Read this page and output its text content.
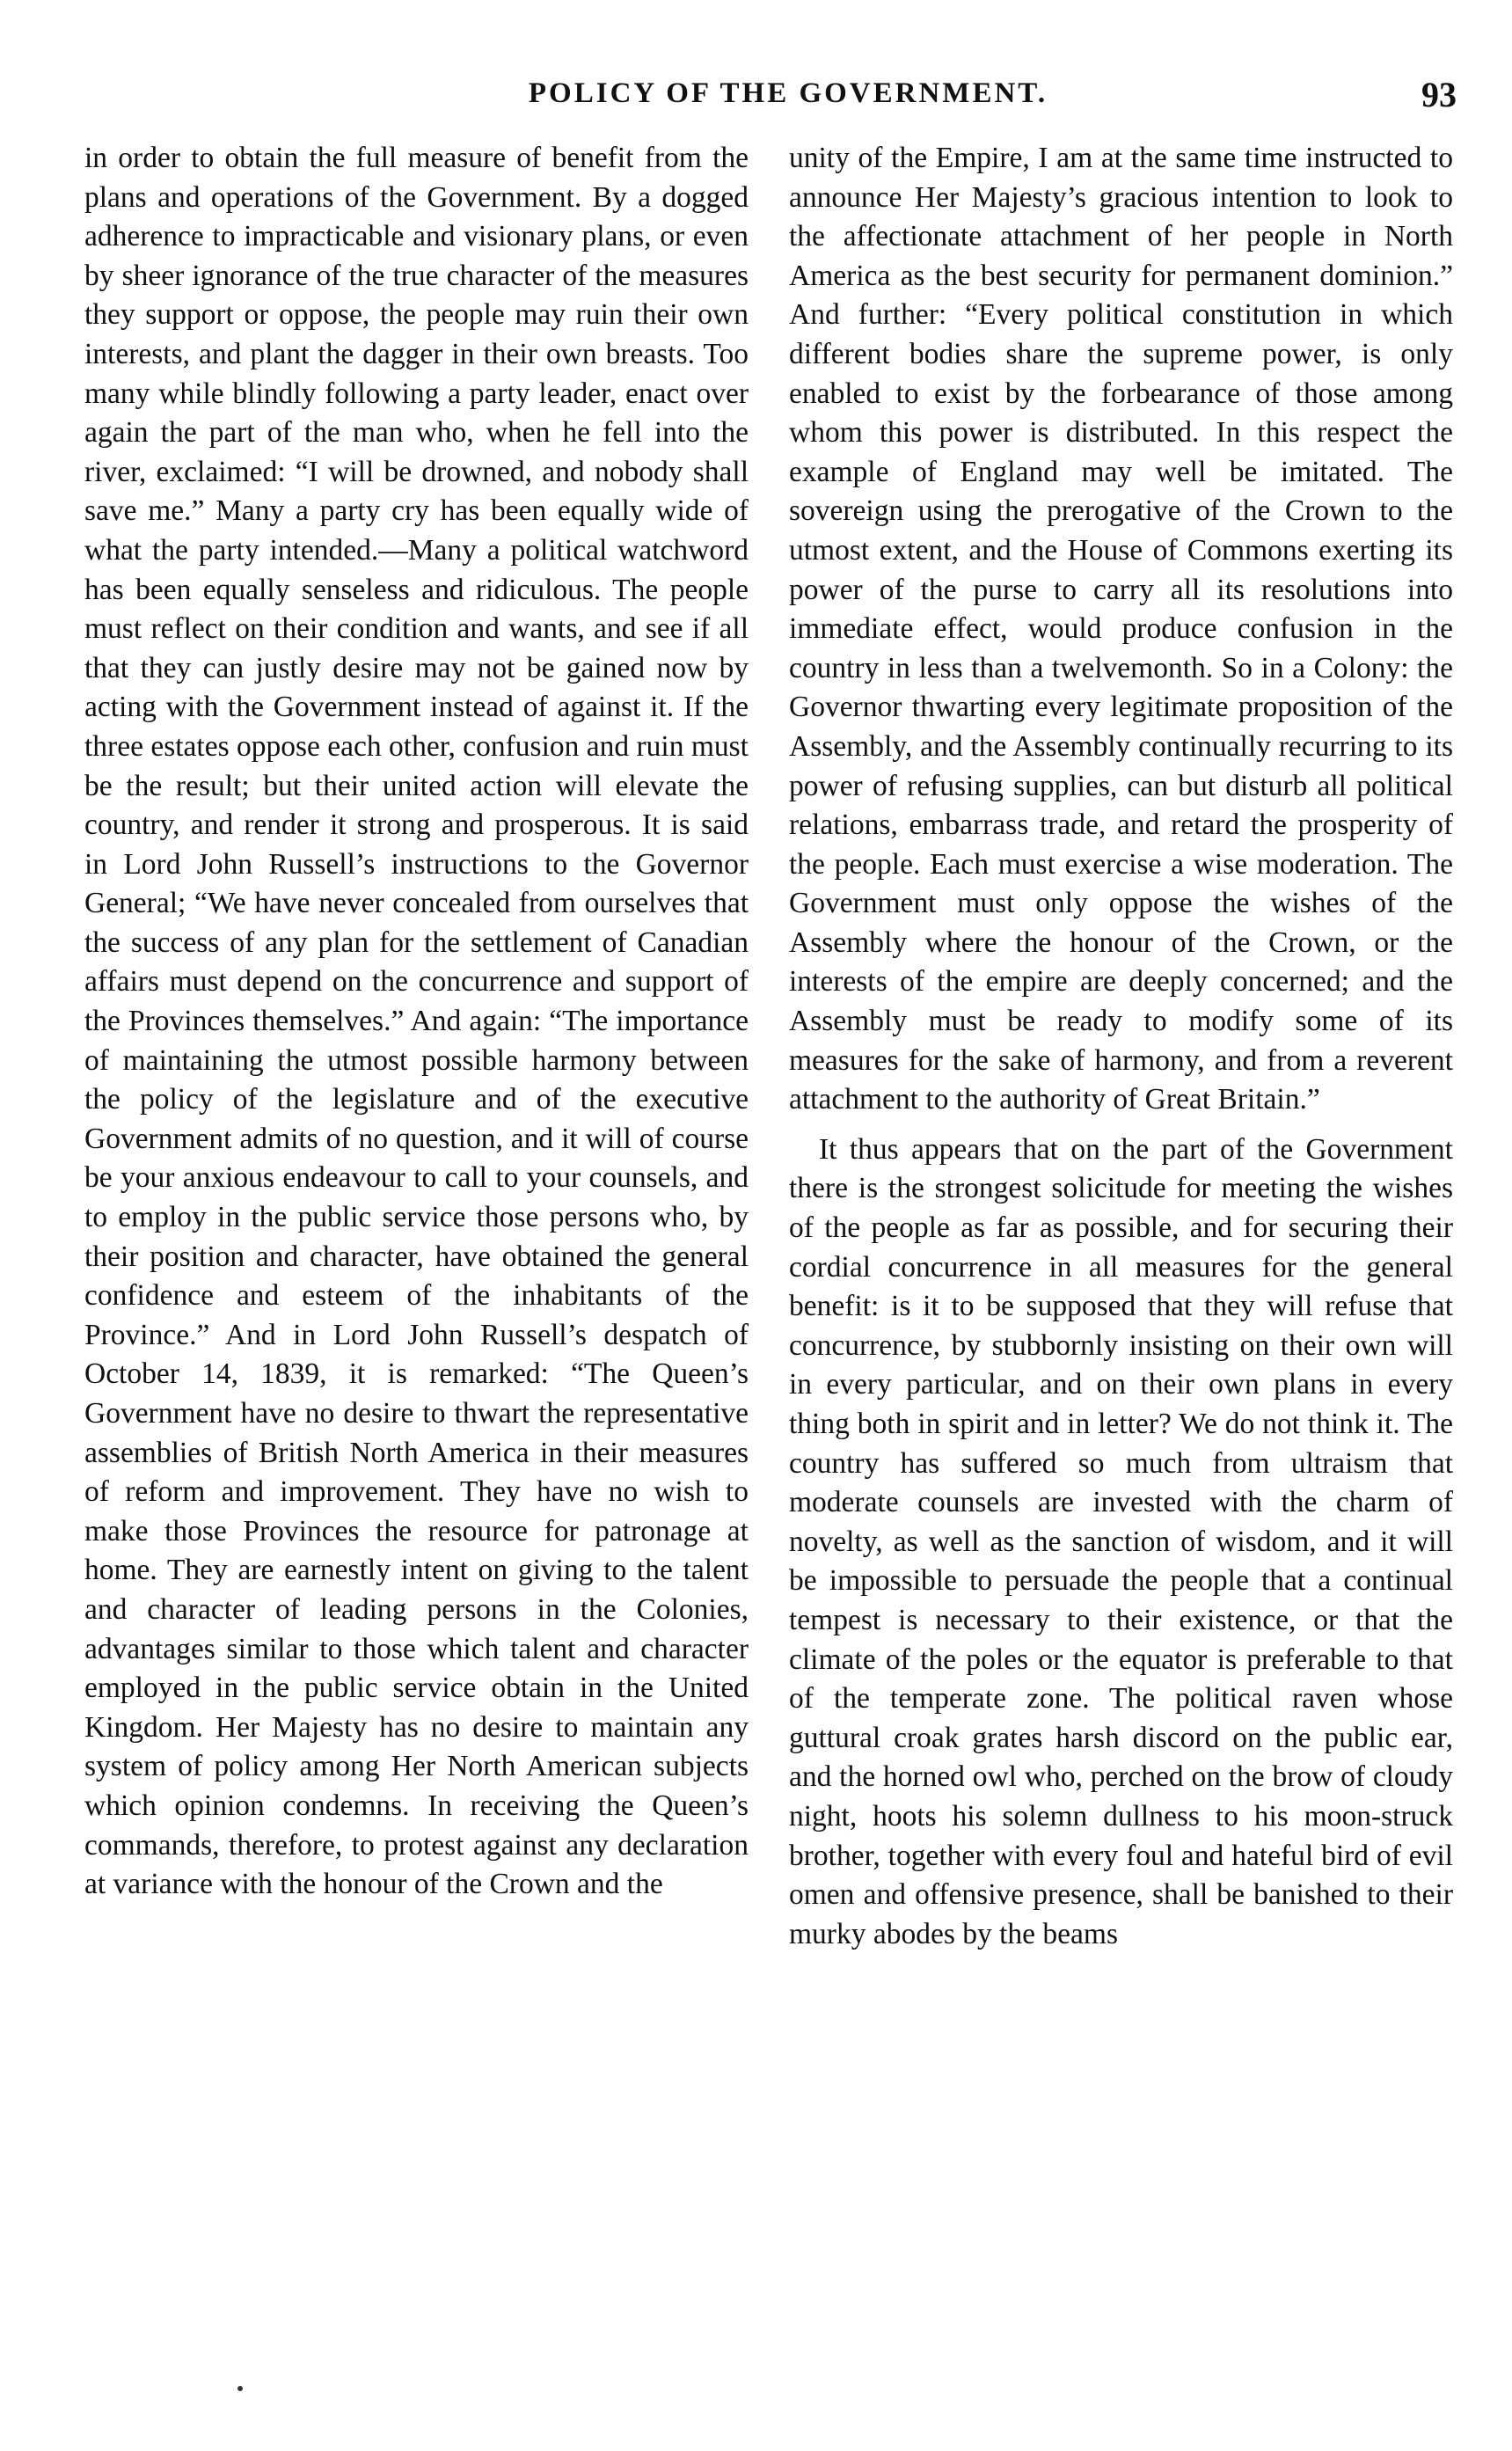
POLICY OF THE GOVERNMENT.	93

in order to obtain the full measure of benefit from the plans and operations of the Government. By a dogged adherence to impracticable and visionary plans, or even by sheer ignorance of the true character of the measures they support or oppose, the people may ruin their own interests, and plant the dagger in their own breasts. Too many while blindly following a party leader, enact over again the part of the man who, when he fell into the river, exclaimed: “I will be drowned, and nobody shall save me.” Many a party cry has been equally wide of what the party intended.—Many a political watchword has been equally senseless and ridiculous. The people must reflect on their condition and wants, and see if all that they can justly desire may not be gained now by acting with the Government instead of against it. If the three estates oppose each other, confusion and ruin must be the result; but their united action will elevate the country, and render it strong and prosperous. It is said in Lord John Russell’s instructions to the Governor General; “We have never concealed from ourselves that the success of any plan for the settlement of Canadian affairs must depend on the concurrence and support of the Provinces themselves.” And again: “The importance of maintaining the utmost possible harmony between the policy of the legislature and of the executive Government admits of no question, and it will of course be your anxious endeavour to call to your counsels, and to employ in the public service those persons who, by their position and character, have obtained the general confidence and esteem of the inhabitants of the Province.” And in Lord John Russell’s despatch of October 14, 1839, it is remarked: “The Queen’s Government have no desire to thwart the representative assemblies of British North America in their measures of reform and improvement. They have no wish to make those Provinces the resource for patronage at home. They are earnestly intent on giving to the talent and character of leading persons in the Colonies, advantages similar to those which talent and character employed in the public service obtain in the United Kingdom. Her Majesty has no desire to maintain any system of policy among Her North American subjects which opinion condemns. In receiving the Queen’s commands, therefore, to protest against any declaration at variance with the honour of the Crown and the

unity of the Empire, I am at the same time instructed to announce Her Majesty’s gracious intention to look to the affectionate attachment of her people in North America as the best security for permanent dominion.” And further: “Every political constitution in which different bodies share the supreme power, is only enabled to exist by the forbearance of those among whom this power is distributed. In this respect the example of England may well be imitated. The sovereign using the prerogative of the Crown to the utmost extent, and the House of Commons exerting its power of the purse to carry all its resolutions into immediate effect, would produce confusion in the country in less than a twelvemonth. So in a Colony: the Governor thwarting every legitimate proposition of the Assembly, and the Assembly continually recurring to its power of refusing supplies, can but disturb all political relations, embarrass trade, and retard the prosperity of the people. Each must exercise a wise moderation. The Government must only oppose the wishes of the Assembly where the honour of the Crown, or the interests of the empire are deeply concerned; and the Assembly must be ready to modify some of its measures for the sake of harmony, and from a reverent attachment to the authority of Great Britain.”

It thus appears that on the part of the Government there is the strongest solicitude for meeting the wishes of the people as far as possible, and for securing their cordial concurrence in all measures for the general benefit: is it to be supposed that they will refuse that concurrence, by stubbornly insisting on their own will in every particular, and on their own plans in every thing both in spirit and in letter? We do not think it. The country has suffered so much from ultraism that moderate counsels are invested with the charm of novelty, as well as the sanction of wisdom, and it will be impossible to persuade the people that a continual tempest is necessary to their existence, or that the climate of the poles or the equator is preferable to that of the temperate zone. The political raven whose guttural croak grates harsh discord on the public ear, and the horned owl who, perched on the brow of cloudy night, hoots his solemn dullness to his moon-struck brother, together with every foul and hateful bird of evil omen and offensive presence, shall be banished to their murky abodes by the beams
